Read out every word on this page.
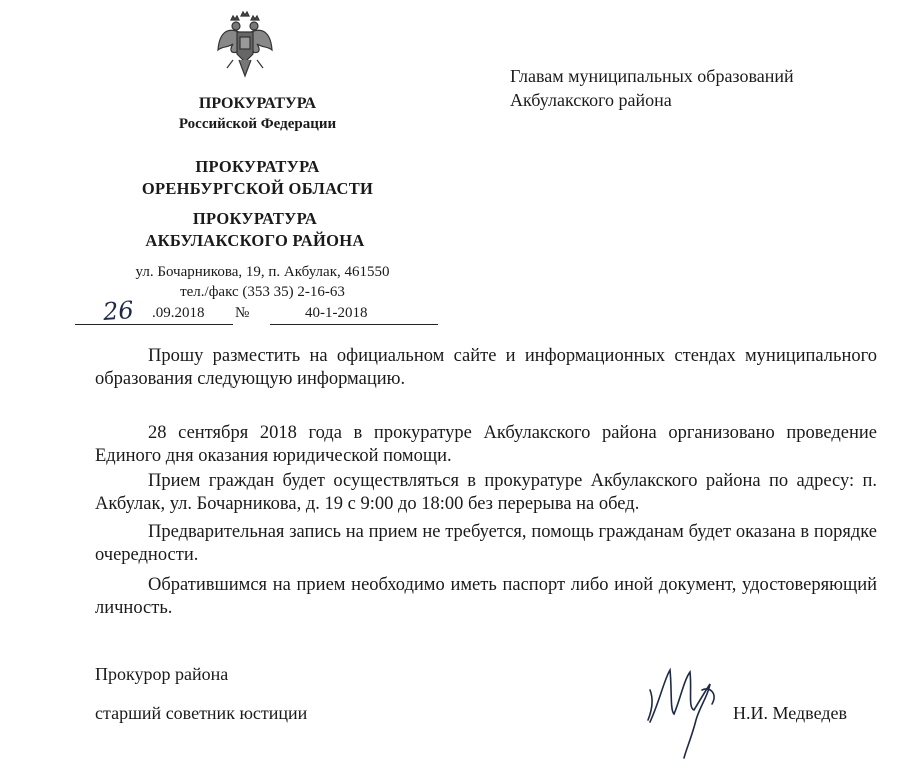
ПРОКУРАТУРА
Российской Федерации
ПРОКУРАТУРА
ОРЕНБУРГСКОЙ ОБЛАСТИ
ПРОКУРАТУРА
АКБУЛАКСКОГО РАЙОНА
ул. Бочарникова, 19, п. Акбулак, 461550
тел./факс (353 35) 2-16-63
26 .09.2018 №	40-1-2018
Главам муниципальных образований
Акбулакского района

Прошу разместить на официальном сайте и информационных стендах муниципального образования следующую информацию.

28 сентября 2018 года в прокуратуре Акбулакского района организовано проведение Единого дня оказания юридической помощи.

Прием граждан будет осуществляться в прокуратуре Акбулакского района по адресу: п. Акбулак, ул. Бочарникова, д. 19 с 9:00 до 18:00 без перерыва на обед.

Предварительная запись на прием не требуется, помощь гражданам будет оказана в порядке очередности.

Обратившимся на прием необходимо иметь паспорт либо иной документ, удостоверяющий личность.

Прокурор района
старший советник юстиции	Н.И. Медведев
